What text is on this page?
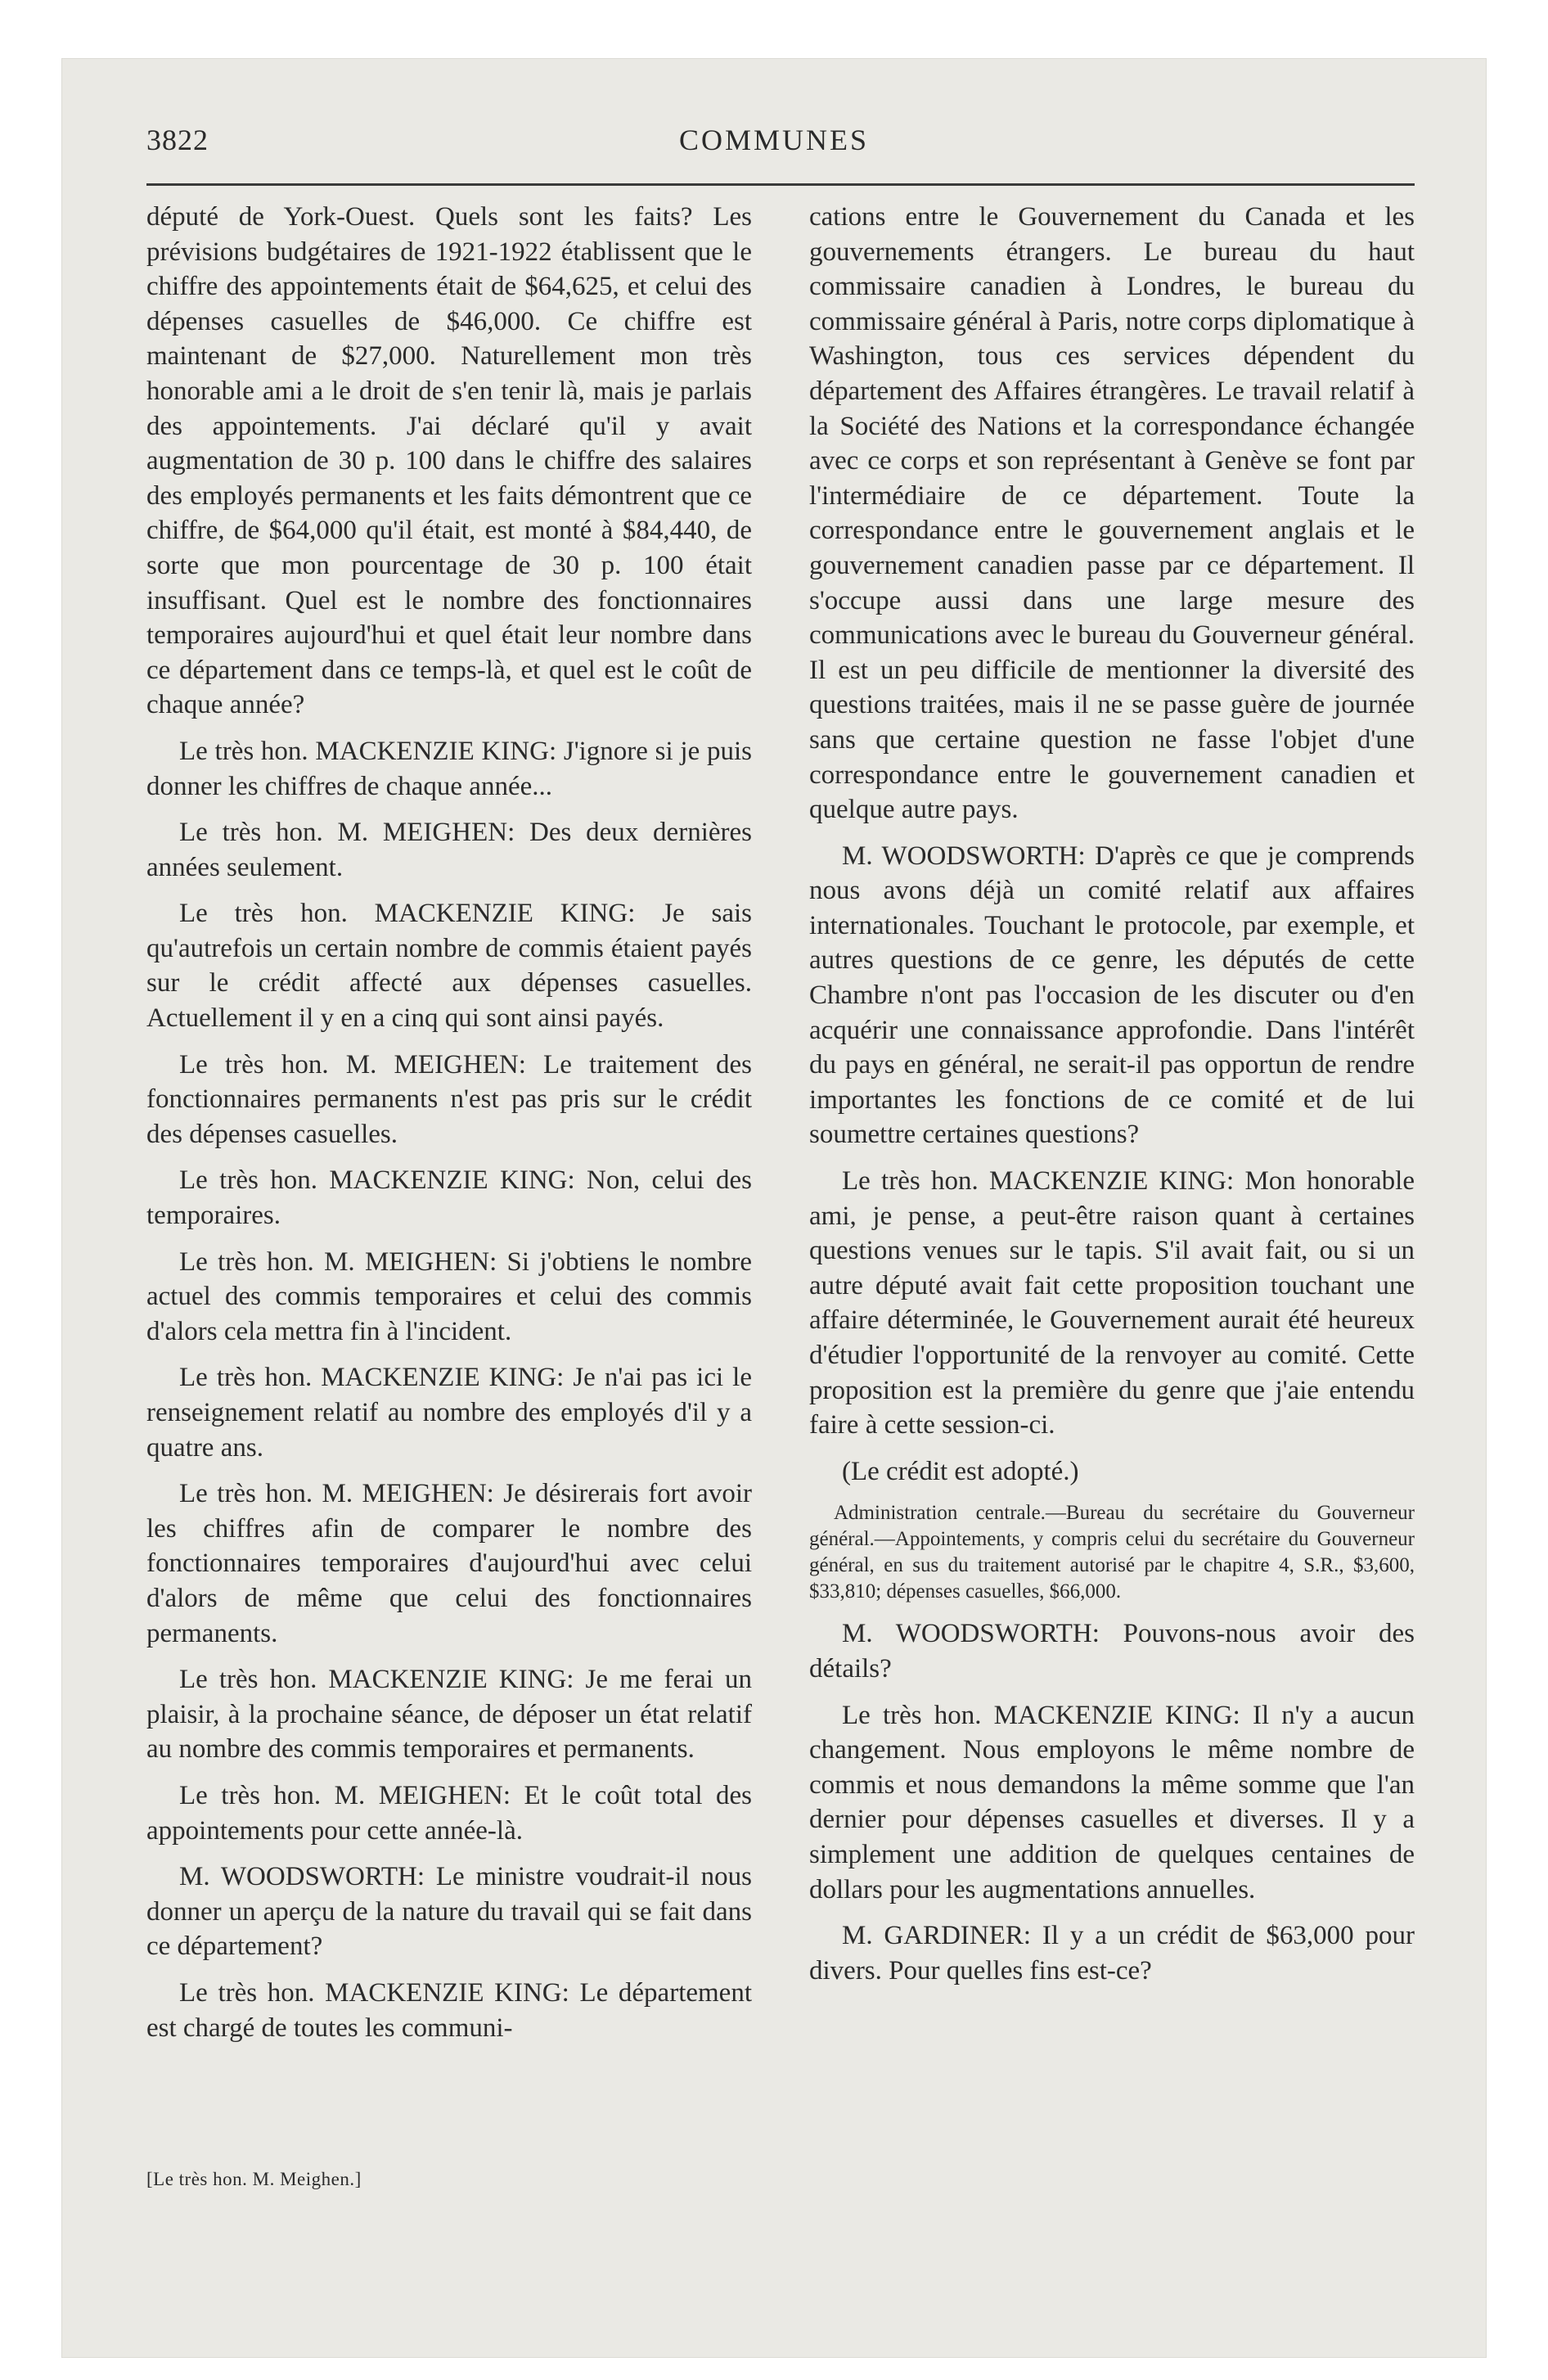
3822	COMMUNES

député de York-Ouest. Quels sont les faits? Les prévisions budgétaires de 1921-1922 établissent que le chiffre des appointements était de $64,625, et celui des dépenses casuelles de $46,000. Ce chiffre est maintenant de $27,000. Naturellement mon très honorable ami a le droit de s'en tenir là, mais je parlais des appointements. J'ai déclaré qu'il y avait augmentation de 30 p. 100 dans le chiffre des salaires des employés permanents et les faits démontrent que ce chiffre, de $64,000 qu'il était, est monté à $84,440, de sorte que mon pourcentage de 30 p. 100 était insuffisant. Quel est le nombre des fonctionnaires temporaires aujourd'hui et quel était leur nombre dans ce département dans ce temps-là, et quel est le coût de chaque année?

Le très hon. MACKENZIE KING: J'ignore si je puis donner les chiffres de chaque année...

Le très hon. M. MEIGHEN: Des deux dernières années seulement.

Le très hon. MACKENZIE KING: Je sais qu'autrefois un certain nombre de commis étaient payés sur le crédit affecté aux dépenses casuelles. Actuellement il y en a cinq qui sont ainsi payés.

Le très hon. M. MEIGHEN: Le traitement des fonctionnaires permanents n'est pas pris sur le crédit des dépenses casuelles.

Le très hon. MACKENZIE KING: Non, celui des temporaires.

Le très hon. M. MEIGHEN: Si j'obtiens le nombre actuel des commis temporaires et celui des commis d'alors cela mettra fin à l'incident.

Le très hon. MACKENZIE KING: Je n'ai pas ici le renseignement relatif au nombre des employés d'il y a quatre ans.

Le très hon. M. MEIGHEN: Je désirerais fort avoir les chiffres afin de comparer le nombre des fonctionnaires temporaires d'aujourd'hui avec celui d'alors de même que celui des fonctionnaires permanents.

Le très hon. MACKENZIE KING: Je me ferai un plaisir, à la prochaine séance, de déposer un état relatif au nombre des commis temporaires et permanents.

Le très hon. M. MEIGHEN: Et le coût total des appointements pour cette année-là.

M. WOODSWORTH: Le ministre voudrait-il nous donner un aperçu de la nature du travail qui se fait dans ce département?

Le très hon. MACKENZIE KING: Le département est chargé de toutes les communi-

cations entre le Gouvernement du Canada et les gouvernements étrangers. Le bureau du haut commissaire canadien à Londres, le bureau du commissaire général à Paris, notre corps diplomatique à Washington, tous ces services dépendent du département des Affaires étrangères. Le travail relatif à la Société des Nations et la correspondance échangée avec ce corps et son représentant à Genève se font par l'intermédiaire de ce département. Toute la correspondance entre le gouvernement anglais et le gouvernement canadien passe par ce département. Il s'occupe aussi dans une large mesure des communications avec le bureau du Gouverneur général. Il est un peu difficile de mentionner la diversité des questions traitées, mais il ne se passe guère de journée sans que certaine question ne fasse l'objet d'une correspondance entre le gouvernement canadien et quelque autre pays.

M. WOODSWORTH: D'après ce que je comprends nous avons déjà un comité relatif aux affaires internationales. Touchant le protocole, par exemple, et autres questions de ce genre, les députés de cette Chambre n'ont pas l'occasion de les discuter ou d'en acquérir une connaissance approfondie. Dans l'intérêt du pays en général, ne serait-il pas opportun de rendre importantes les fonctions de ce comité et de lui soumettre certaines questions?

Le très hon. MACKENZIE KING: Mon honorable ami, je pense, a peut-être raison quant à certaines questions venues sur le tapis. S'il avait fait, ou si un autre député avait fait cette proposition touchant une affaire déterminée, le Gouvernement aurait été heureux d'étudier l'opportunité de la renvoyer au comité. Cette proposition est la première du genre que j'aie entendu faire à cette session-ci.

(Le crédit est adopté.)

Administration centrale.—Bureau du secrétaire du Gouverneur général.—Appointements, y compris celui du secrétaire du Gouverneur général, en sus du traitement autorisé par le chapitre 4, S.R., $3,600, $33,810; dépenses casuelles, $66,000.

M. WOODSWORTH: Pouvons-nous avoir des détails?

Le très hon. MACKENZIE KING: Il n'y a aucun changement. Nous employons le même nombre de commis et nous demandons la même somme que l'an dernier pour dépenses casuelles et diverses. Il y a simplement une addition de quelques centaines de dollars pour les augmentations annuelles.

M. GARDINER: Il y a un crédit de $63,000 pour divers. Pour quelles fins est-ce?

[Le très hon. M. Meighen.]
